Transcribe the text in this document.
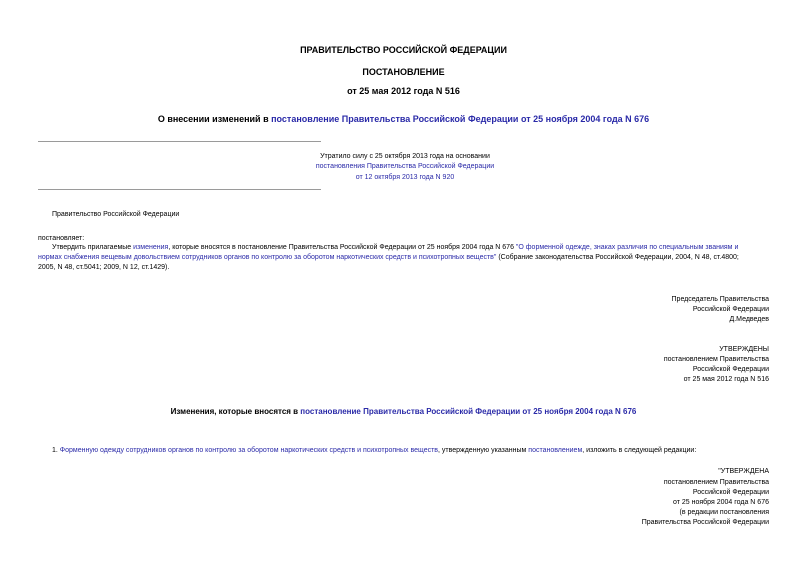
ПРАВИТЕЛЬСТВО РОССИЙСКОЙ ФЕДЕРАЦИИ
ПОСТАНОВЛЕНИЕ
от 25 мая 2012 года N 516
О внесении изменений в постановление Правительства Российской Федерации от 25 ноября 2004 года N 676
Утратило силу с 25 октября 2013 года на основании
постановления Правительства Российской Федерации
от 12 октября 2013 года N 920
Правительство Российской Федерации
постановляет:
Утвердить прилагаемые изменения, которые вносятся в постановление Правительства Российской Федерации от 25 ноября 2004 года N 676 "О форменной одежде, знаках различия по специальным званиям и
нормах снабжения вещевым довольствием сотрудников органов по контролю за оборотом наркотических средств и психотропных веществ" (Собрание законодательства Российской Федерации, 2004, N 48, ст.4800;
2005, N 48, ст.5041; 2009, N 12, ст.1429).
Председатель Правительства
Российской Федерации
Д.Медведев
УТВЕРЖДЕНЫ
постановлением Правительства
Российской Федерации
от 25 мая 2012 года N 516
Изменения, которые вносятся в постановление Правительства Российской Федерации от 25 ноября 2004 года N 676
1. Форменную одежду сотрудников органов по контролю за оборотом наркотических средств и психотропных веществ, утвержденную указанным постановлением, изложить в следующей редакции:
"УТВЕРЖДЕНА
постановлением Правительства
Российской Федерации
от 25 ноября 2004 года N 676
(в редакции постановления
Правительства Российской Федерации
